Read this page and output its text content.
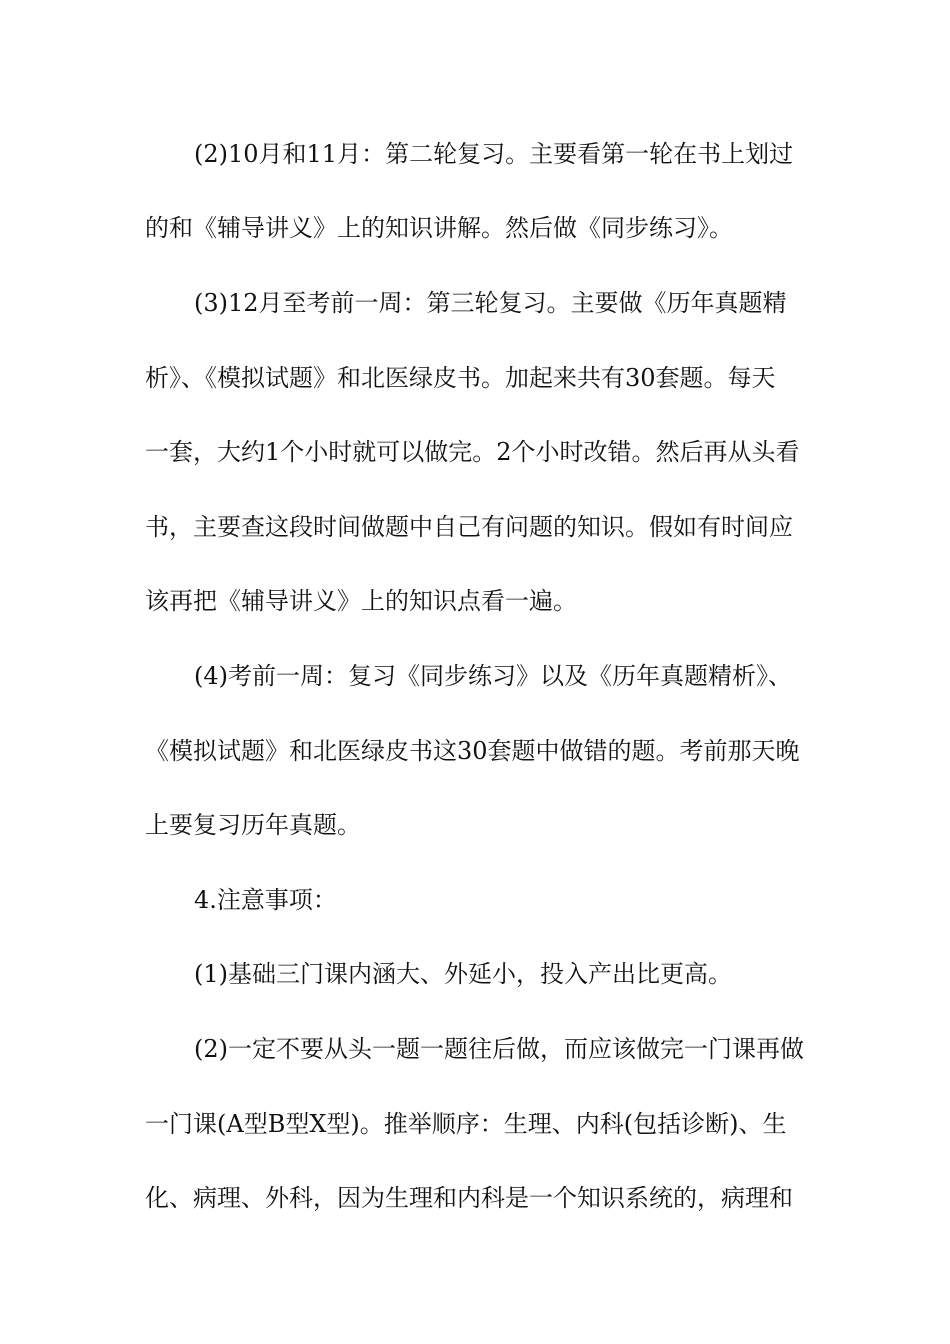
(2)10月和11月：第二轮复习。主要看第一轮在书上划过
的和《辅导讲义》上的知识讲解。然后做《同步练习》。
(3)12月至考前一周：第三轮复习。主要做《历年真题精
析》、《模拟试题》和北医绿皮书。加起来共有30套题。每天
一套，大约1个小时就可以做完。2个小时改错。然后再从头看
书，主要查这段时间做题中自己有问题的知识。假如有时间应
该再把《辅导讲义》上的知识点看一遍。
(4)考前一周：复习《同步练习》以及《历年真题精析》、
《模拟试题》和北医绿皮书这30套题中做错的题。考前那天晚
上要复习历年真题。
4.注意事项：
(1)基础三门课内涵大、外延小，投入产出比更高。
(2)一定不要从头一题一题往后做，而应该做完一门课再做
一门课(A型B型X型)。推举顺序：生理、内科(包括诊断)、生
化、病理、外科，因为生理和内科是一个知识系统的，病理和
